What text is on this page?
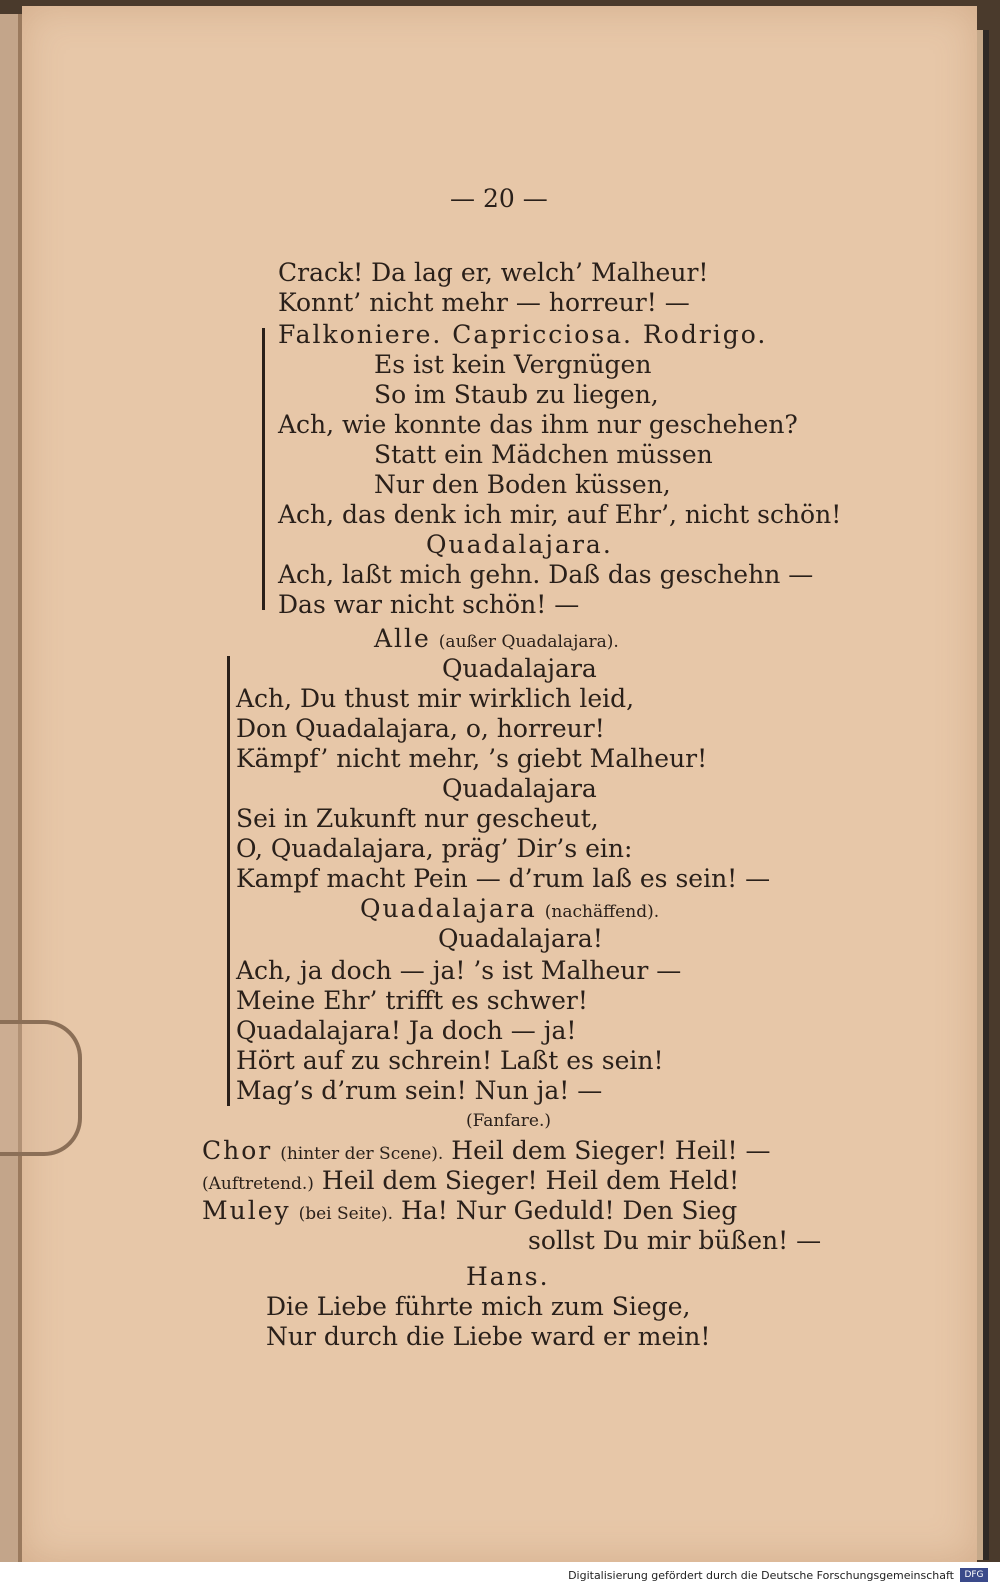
— 20 —
Crack! Da lag er, welch’ Malheur!
Konnt’ nicht mehr — horreur! —
Falkoniere. Capricciosa. Rodrigo.
Es ist kein Vergnügen
So im Staub zu liegen,
Ach, wie konnte das ihm nur geschehen?
Statt ein Mädchen müssen
Nur den Boden küssen,
Ach, das denk ich mir, auf Ehr’, nicht schön!
Quadalajara.
Ach, laßt mich gehn. Daß das geschehn —
Das war nicht schön! —
Alle (außer Quadalajara).
Quadalajara
Ach, Du thust mir wirklich leid,
Don Quadalajara, o, horreur!
Kämpf’ nicht mehr, ’s giebt Malheur!
Quadalajara
Sei in Zukunft nur gescheut,
O, Quadalajara, präg’ Dir’s ein:
Kampf macht Pein — d’rum laß es sein! —
Quadalajara (nachäffend).
Quadalajara!
Ach, ja doch — ja! ’s ist Malheur —
Meine Ehr’ trifft es schwer!
Quadalajara! Ja doch — ja!
Hört auf zu schrein! Laßt es sein!
Mag’s d’rum sein! Nun ja! —
(Fanfare.)
Chor (hinter der Scene). Heil dem Sieger! Heil! —
(Auftretend.) Heil dem Sieger! Heil dem Held!
Muley (bei Seite). Ha! Nur Geduld! Den Sieg
sollst Du mir büßen! —
Hans.
Die Liebe führte mich zum Siege,
Nur durch die Liebe ward er mein!
Digitalisierung gefördert durch die Deutsche Forschungsgemeinschaft	DFG
